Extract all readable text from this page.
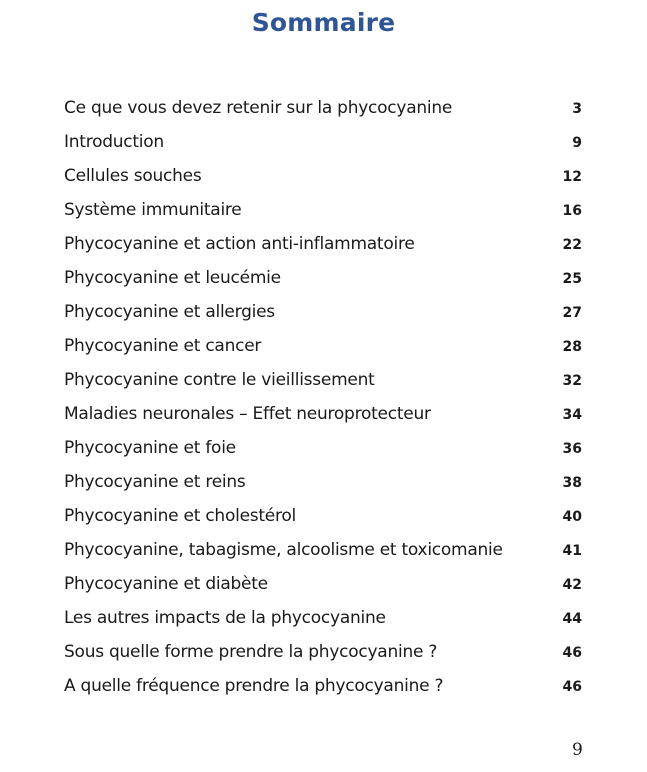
Sommaire
Ce que vous devez retenir sur la phycocyanine	3
Introduction	9
Cellules souches	12
Système immunitaire	16
Phycocyanine et action anti-inflammatoire	22
Phycocyanine et leucémie	25
Phycocyanine et allergies	27
Phycocyanine et cancer	28
Phycocyanine contre le vieillissement	32
Maladies neuronales – Effet neuroprotecteur	34
Phycocyanine et foie	36
Phycocyanine et reins	38
Phycocyanine et cholestérol	40
Phycocyanine, tabagisme, alcoolisme et toxicomanie	41
Phycocyanine et diabète	42
Les autres impacts de la phycocyanine	44
Sous quelle forme prendre la phycocyanine ?	46
A quelle fréquence prendre la phycocyanine ?	46
9
